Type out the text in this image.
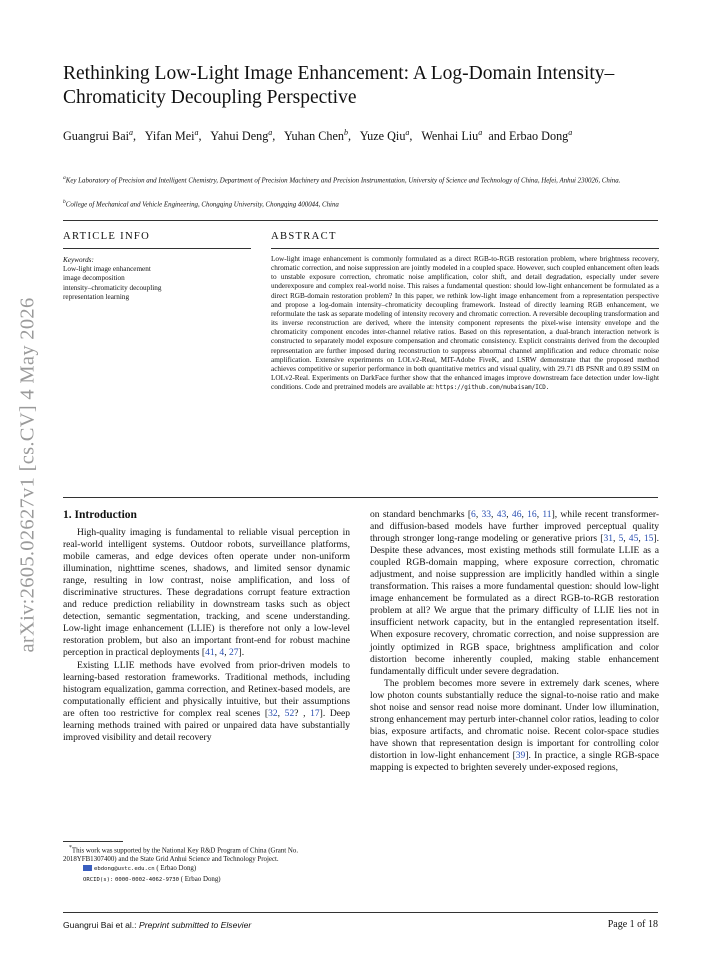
arXiv:2605.02627v1 [cs.CV] 4 May 2026
Rethinking Low-Light Image Enhancement: A Log-Domain Intensity–Chromaticity Decoupling Perspective
Guangrui Bai$^a$,   Yifan Mei$^a$,   Yahui Deng$^a$,   Yuhan Chen$^b$,   Yuze Qiu$^a$,   Wenhai Liu$^a$  and Erbao Dong$^a$
$^a$Key Laboratory of Precision and Intelligent Chemistry, Department of Precision Machinery and Precision Instrumentation, University of Science and Technology of China, Hefei, Anhui 230026, China.
$^b$College of Mechanical and Vehicle Engineering, Chongqing University, Chongqing 400044, China
ARTICLE INFO
Keywords:
Low-light image enhancement
image decomposition
intensity–chromaticity decoupling
representation learning
ABSTRACT
Low-light image enhancement is commonly formulated as a direct RGB-to-RGB restoration problem, where brightness recovery, chromatic correction, and noise suppression are jointly modeled in a coupled space. However, such coupled enhancement often leads to unstable exposure correction, chromatic noise amplification, color shift, and detail degradation, especially under severe underexposure and complex real-world noise. This raises a fundamental question: should low-light enhancement be formulated as a direct RGB-domain restoration problem? In this paper, we rethink low-light image enhancement from a representation perspective and propose a log-domain intensity–chromaticity decoupling framework. Instead of directly learning RGB enhancement, we reformulate the task as separate modeling of intensity recovery and chromatic correction. A reversible decoupling transformation and its inverse reconstruction are derived, where the intensity component represents the pixel-wise intensity envelope and the chromaticity component encodes inter-channel relative ratios. Based on this representation, a dual-branch interaction network is constructed to separately model exposure compensation and chromatic consistency. Explicit constraints derived from the decoupled representation are further imposed during reconstruction to suppress abnormal channel amplification and reduce chromatic noise amplification. Extensive experiments on LOLv2-Real, MIT-Adobe FiveK, and LSRW demonstrate that the proposed method achieves competitive or superior performance in both quantitative metrics and visual quality, with 29.71 dB PSNR and 0.89 SSIM on LOLv2-Real. Experiments on DarkFace further show that the enhanced images improve downstream face detection under low-light conditions. Code and pretrained models are available at: https://github.com/mubaisam/ICD.
1. Introduction

High-quality imaging is fundamental to reliable visual perception in real-world intelligent systems. Outdoor robots, surveillance platforms, mobile cameras, and edge devices often operate under non-uniform illumination, nighttime scenes, shadows, and limited sensor dynamic range, resulting in low contrast, noise amplification, and loss of discriminative structures. These degradations corrupt feature extraction and reduce prediction reliability in downstream tasks such as object detection, semantic segmentation, tracking, and scene understanding. Low-light image enhancement (LLIE) is therefore not only a low-level restoration problem, but also an important front-end for robust machine perception in practical deployments [41, 4, 27].

Existing LLIE methods have evolved from prior-driven models to learning-based restoration frameworks. Traditional methods, including histogram equalization, gamma correction, and Retinex-based models, are computationally efficient and physically intuitive, but their assumptions are often too restrictive for complex real scenes [32, 52? , 17]. Deep learning methods trained with paired or unpaired data have substantially improved visibility and detail recovery

on standard benchmarks [6, 33, 43, 46, 16, 11], while recent transformer- and diffusion-based models have further improved perceptual quality through stronger long-range modeling or generative priors [31, 5, 45, 15]. Despite these advances, most existing methods still formulate LLIE as a coupled RGB-domain mapping, where exposure correction, chromatic adjustment, and noise suppression are implicitly handled within a single transformation. This raises a more fundamental question: should low-light image enhancement be formulated as a direct RGB-to-RGB restoration problem at all? We argue that the primary difficulty of LLIE lies not in insufficient network capacity, but in the entangled representation itself. When exposure recovery, chromatic correction, and noise suppression are jointly optimized in RGB space, brightness amplification and color distortion become inherently coupled, making stable enhancement fundamentally difficult under severe degradation.

The problem becomes more severe in extremely dark scenes, where low photon counts substantially reduce the signal-to-noise ratio and make shot noise and sensor read noise more dominant. Under low illumination, strong enhancement may perturb inter-channel color ratios, leading to color bias, exposure artifacts, and chromatic noise. Recent color-space studies have shown that representation design is important for controlling color distortion in low-light enhancement [39]. In practice, a single RGB-space mapping is expected to brighten severely under-exposed regions,

*This work was supported by the National Key R&D Program of China (Grant No. 2018YFB1307400) and the State Grid Anhui Science and Technology Project.

ebdong@ustc.edu.cn ( Erbao Dong)
ORCID(s): 0000-0002-4062-9730 ( Erbao Dong)
Guangrui Bai et al.: Preprint submitted to Elsevier	Page 1 of 18
